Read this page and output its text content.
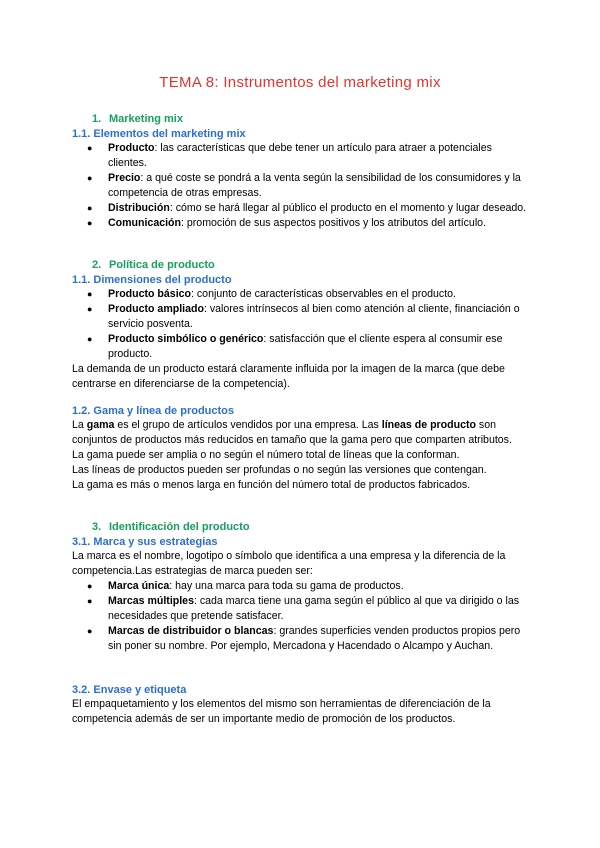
TEMA 8: Instrumentos del marketing mix
1. Marketing mix
1.1. Elementos del marketing mix
● Producto: las características que debe tener un artículo para atraer a potenciales clientes.
● Precio: a qué coste se pondrá a la venta según la sensibilidad de los consumidores y la competencia de otras empresas.
● Distribución: cómo se hará llegar al público el producto en el momento y lugar deseado.
● Comunicación: promoción de sus aspectos positivos y los atributos del artículo.
2. Política de producto
1.1. Dimensiones del producto
● Producto básico: conjunto de características observables en el producto.
● Producto ampliado: valores intrínsecos al bien como atención al cliente, financiación o servicio posventa.
● Producto simbólico o genérico: satisfacción que el cliente espera al consumir ese producto.

La demanda de un producto estará claramente influida por la imagen de la marca (que debe centrarse en diferenciarse de la competencia).

1.2. Gama y línea de productos

La gama es el grupo de artículos vendidos por una empresa. Las líneas de producto son conjuntos de productos más reducidos en tamaño que la gama pero que comparten atributos.

La gama puede ser amplia o no según el número total de líneas que la conforman.

Las líneas de productos pueden ser profundas o no según las versiones que contengan.

La gama es más o menos larga en función del número total de productos fabricados.

3. Identificación del producto
3.1. Marca y sus estrategias

La marca es el nombre, logotipo o símbolo que identifica a una empresa y la diferencia de la competencia.Las estrategias de marca pueden ser:

● Marca única: hay una marca para toda su gama de productos.
● Marcas múltiples: cada marca tiene una gama según el público al que va dirigido o las necesidades que pretende satisfacer.
● Marcas de distribuidor o blancas: grandes superficies venden productos propios pero sin poner su nombre. Por ejemplo, Mercadona y Hacendado o Alcampo y Auchan.
3.2. Envase y etiqueta

El empaquetamiento y los elementos del mismo son herramientas de diferenciación de la competencia además de ser un importante medio de promoción de los productos.
